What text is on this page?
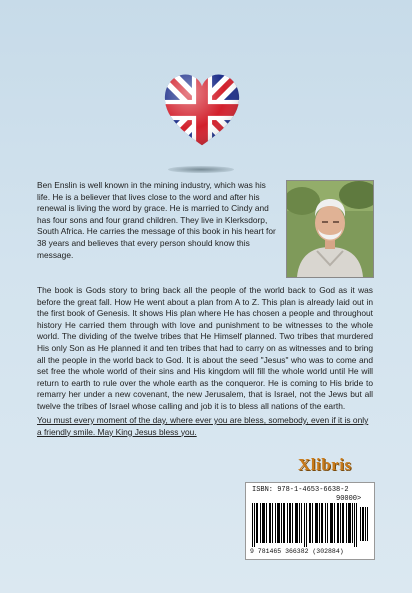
Ben Enslin is well known in the mining industry, which was his life. He is a believer that lives close to the word and after his renewal is living the word by grace. He is married to Cindy and has four sons and four grand children. They live in Klerksdorp, South Africa. He carries the message of this book in his heart for 38 years and believes that every person should know this message.
The book is Gods story to bring back all the people of the world back to God as it was before the great fall. How He went about a plan from A to Z. This plan is already laid out in the first book of Genesis. It shows His plan where He has chosen a people and throughout history He carried them through with love and punishment to be witnesses to the whole world. The dividing of the twelve tribes that He Himself planned. Two tribes that murdered His only Son as He planned it and ten tribes that had to carry on as witnesses and to bring all the people in the world back to God. It is about the seed "Jesus" who was to come and set free the whole world of their sins and His kingdom will fill the whole world until He will return to earth to rule over the whole earth as the conqueror. He is coming to His bride to remarry her under a new covenant, the new Jerusalem, that is Israel, not the Jews but all twelve the tribes of Israel whose calling and job it is to bless all nations of the earth.
You must every moment of the day, where ever you are bless, somebody, even if it is only a friendly smile. May King Jesus bless you.
Xlibris
ISBN: 978-1-4653-6638-2
90000>
9 781465 366382 (302884)
